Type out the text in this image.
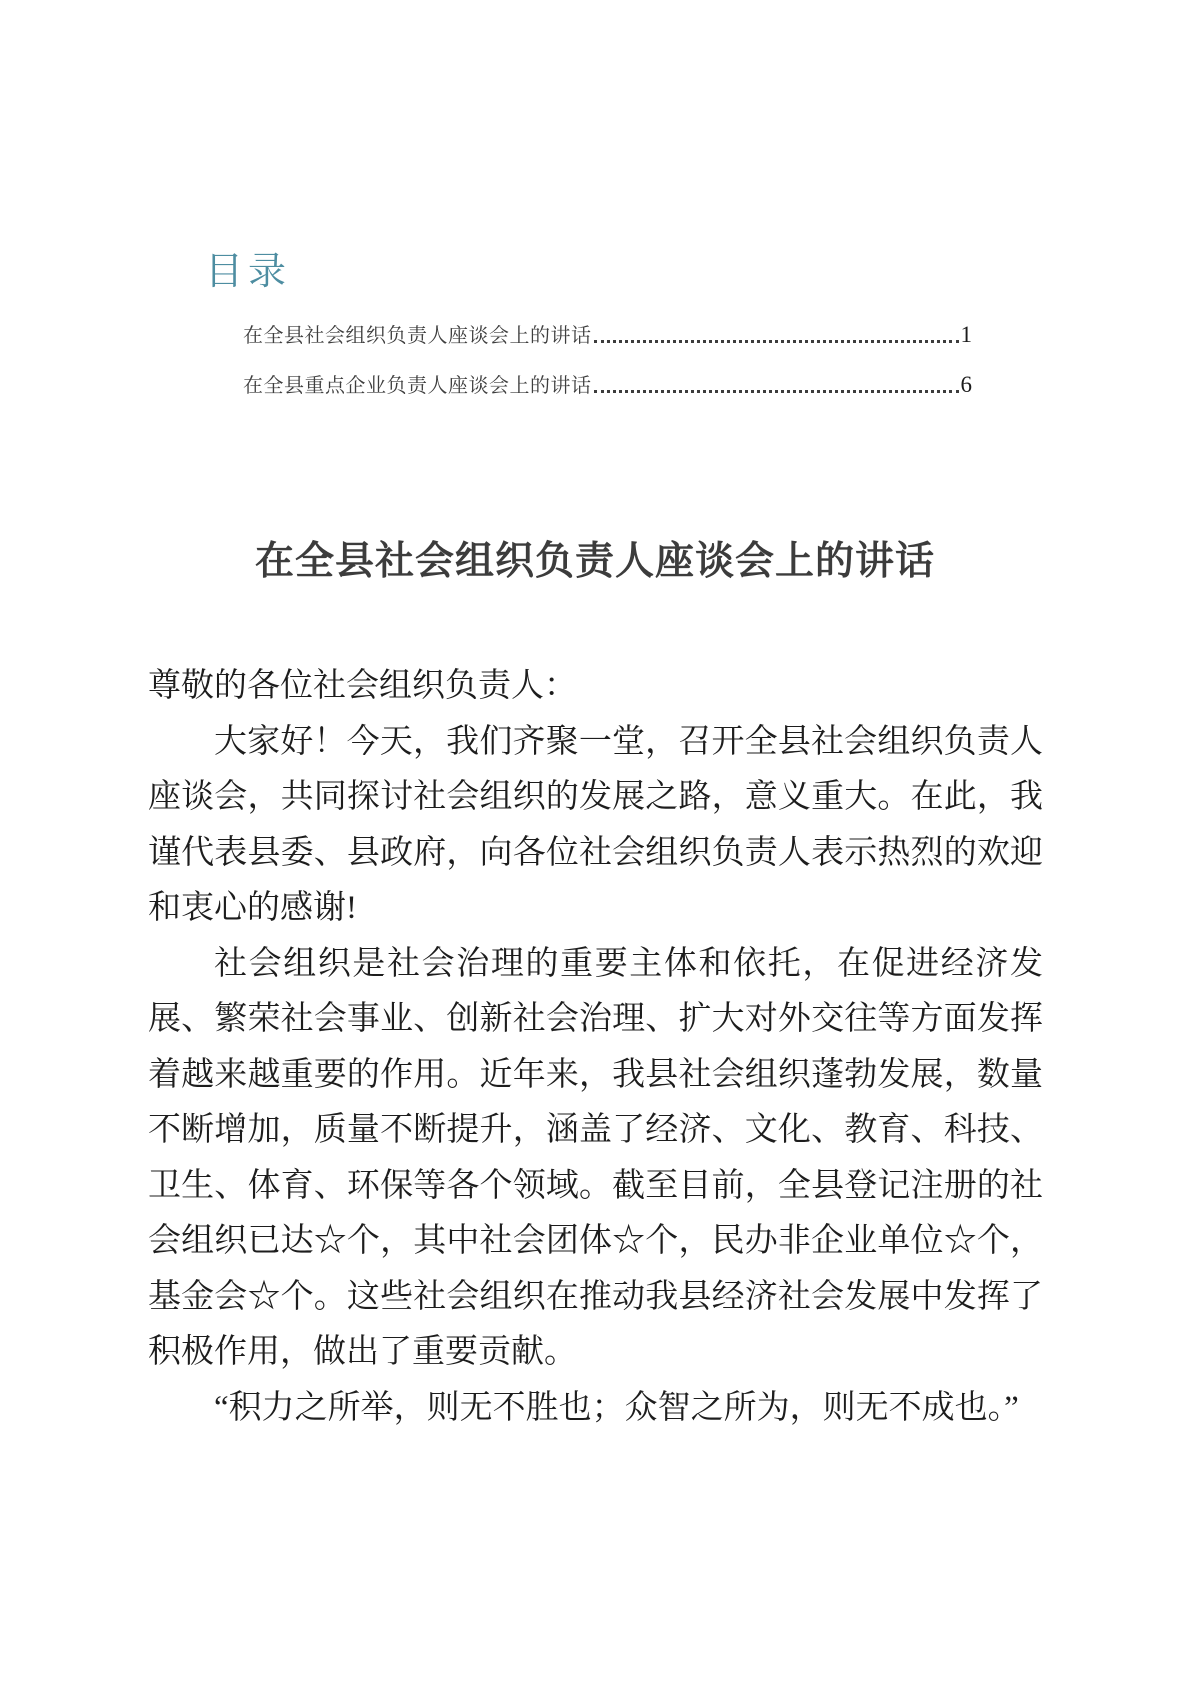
目录
在全县社会组织负责人座谈会上的讲话	1
在全县重点企业负责人座谈会上的讲话	6
在全县社会组织负责人座谈会上的讲话

尊敬的各位社会组织负责人：

大家好！今天，我们齐聚一堂，召开全县社会组织负责人座谈会，共同探讨社会组织的发展之路，意义重大。在此，我谨代表县委、县政府，向各位社会组织负责人表示热烈的欢迎和衷心的感谢!

社会组织是社会治理的重要主体和依托，在促进经济发展、繁荣社会事业、创新社会治理、扩大对外交往等方面发挥着越来越重要的作用。近年来，我县社会组织蓬勃发展，数量不断增加，质量不断提升，涵盖了经济、文化、教育、科技、卫生、体育、环保等各个领域。截至目前，全县登记注册的社会组织已达☆个，其中社会团体☆个，民办非企业单位☆个，基金会☆个。这些社会组织在推动我县经济社会发展中发挥了积极作用，做出了重要贡献。

“积力之所举，则无不胜也；众智之所为，则无不成也。”
